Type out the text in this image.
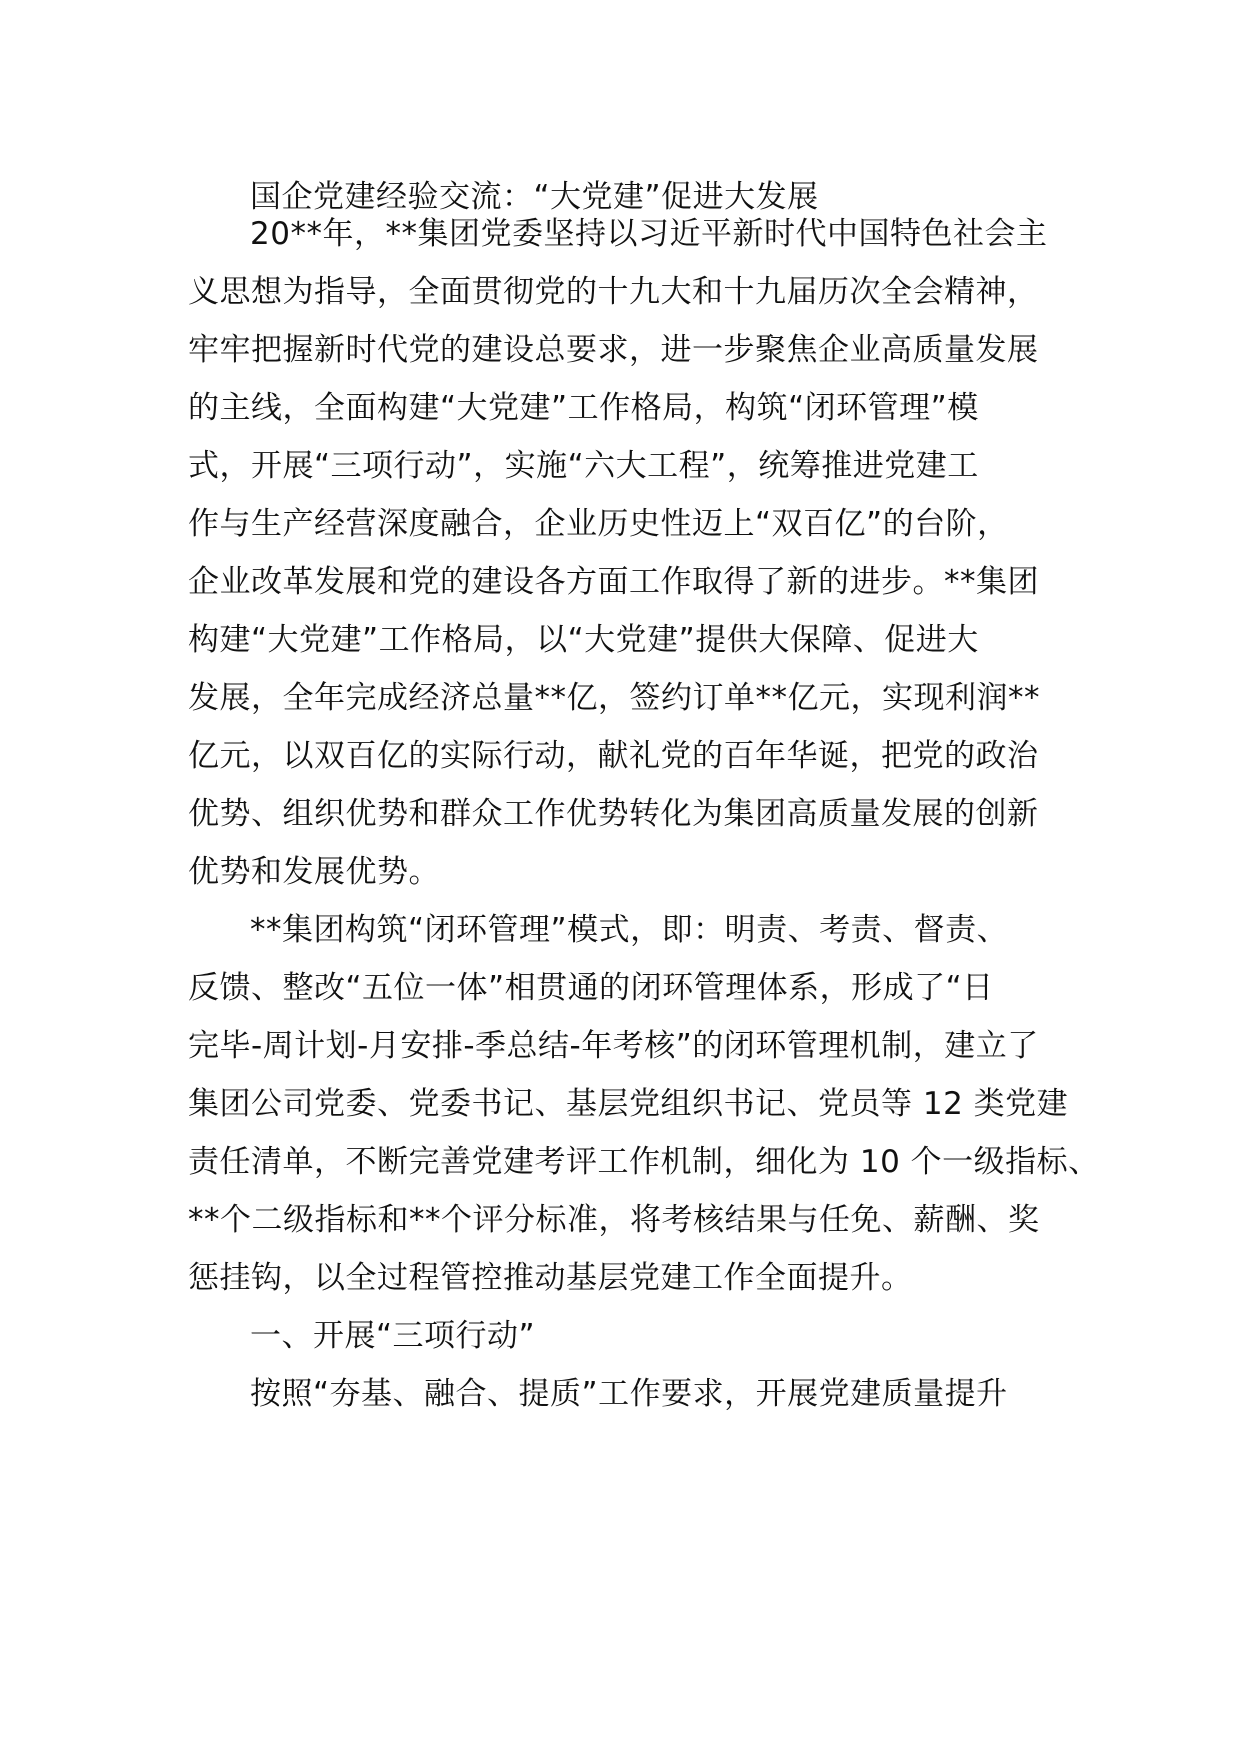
国企党建经验交流：“大党建”促进大发展
20**年，**集团党委坚持以习近平新时代中国特色社会主
义思想为指导，全面贯彻党的十九大和十九届历次全会精神，
牢牢把握新时代党的建设总要求，进一步聚焦企业高质量发展
的主线，全面构建“大党建”工作格局，构筑“闭环管理”模
式，开展“三项行动”，实施“六大工程”，统筹推进党建工
作与生产经营深度融合，企业历史性迈上“双百亿”的台阶，
企业改革发展和党的建设各方面工作取得了新的进步。**集团
构建“大党建”工作格局，以“大党建”提供大保障、促进大
发展，全年完成经济总量**亿，签约订单**亿元，实现利润**
亿元，以双百亿的实际行动，献礼党的百年华诞，把党的政治
优势、组织优势和群众工作优势转化为集团高质量发展的创新
优势和发展优势。
**集团构筑“闭环管理”模式，即：明责、考责、督责、
反馈、整改“五位一体”相贯通的闭环管理体系，形成了“日
完毕-周计划-月安排-季总结-年考核”的闭环管理机制，建立了
集团公司党委、党委书记、基层党组织书记、党员等 12 类党建
责任清单，不断完善党建考评工作机制，细化为 10 个一级指标、
**个二级指标和**个评分标准，将考核结果与任免、薪酬、奖
惩挂钩，以全过程管控推动基层党建工作全面提升。
一、开展“三项行动”
按照“夯基、融合、提质”工作要求，开展党建质量提升
